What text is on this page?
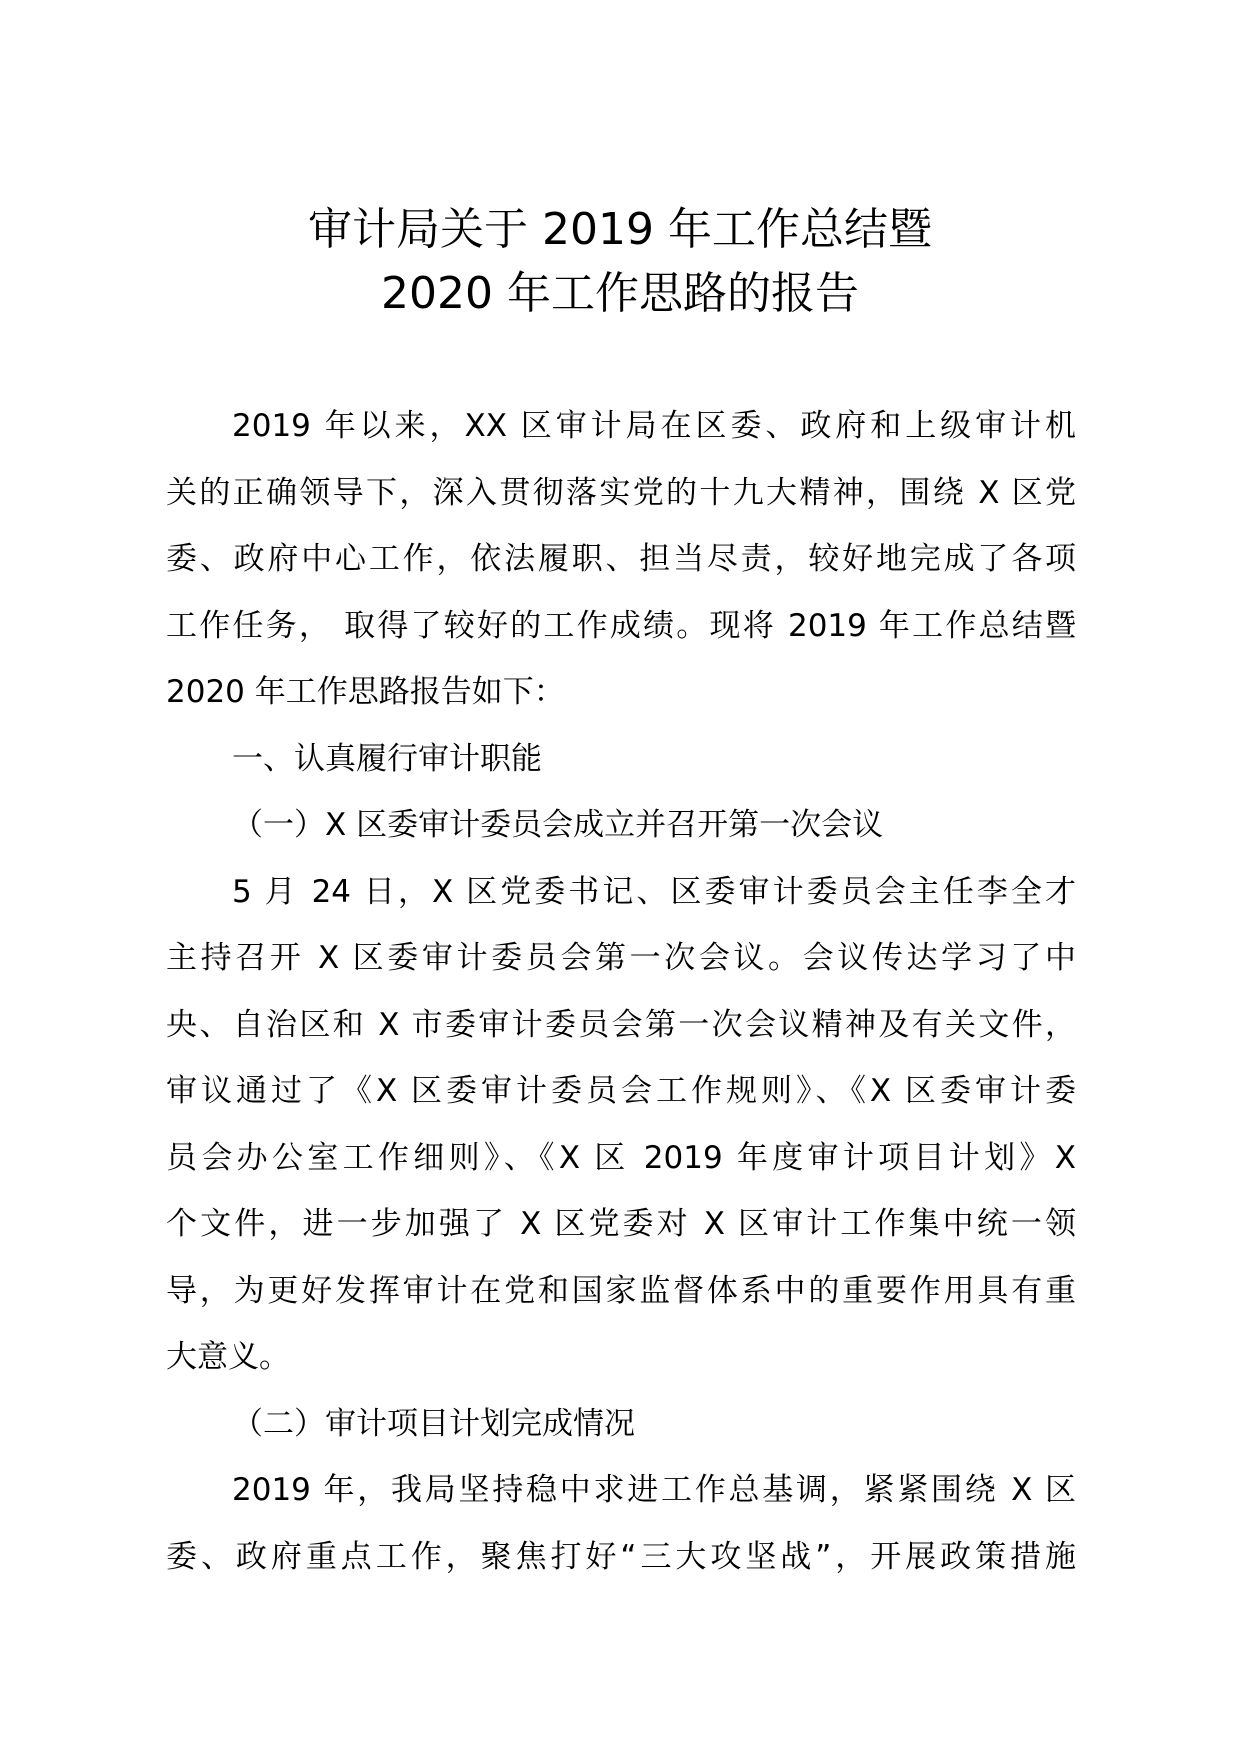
审计局关于 2019 年工作总结暨
2020 年工作思路的报告
2019 年以来，XX 区审计局在区委、政府和上级审计机
关的正确领导下，深入贯彻落实党的十九大精神，围绕 X 区党
委、政府中心工作，依法履职、担当尽责，较好地完成了各项
工作任务， 取得了较好的工作成绩。现将 2019 年工作总结暨
2020 年工作思路报告如下：
一、认真履行审计职能
（一）X 区委审计委员会成立并召开第一次会议
5 月 24 日，X 区党委书记、区委审计委员会主任李全才
主持召开 X 区委审计委员会第一次会议。会议传达学习了中
央、自治区和 X 市委审计委员会第一次会议精神及有关文件，
审议通过了《X 区委审计委员会工作规则》、《X 区委审计委
员会办公室工作细则》、《X 区 2019 年度审计项目计划》X
个文件，进一步加强了 X 区党委对 X 区审计工作集中统一领
导，为更好发挥审计在党和国家监督体系中的重要作用具有重
大意义。
（二）审计项目计划完成情况
2019 年，我局坚持稳中求进工作总基调，紧紧围绕 X 区
委、政府重点工作，聚焦打好“三大攻坚战”，开展政策措施
